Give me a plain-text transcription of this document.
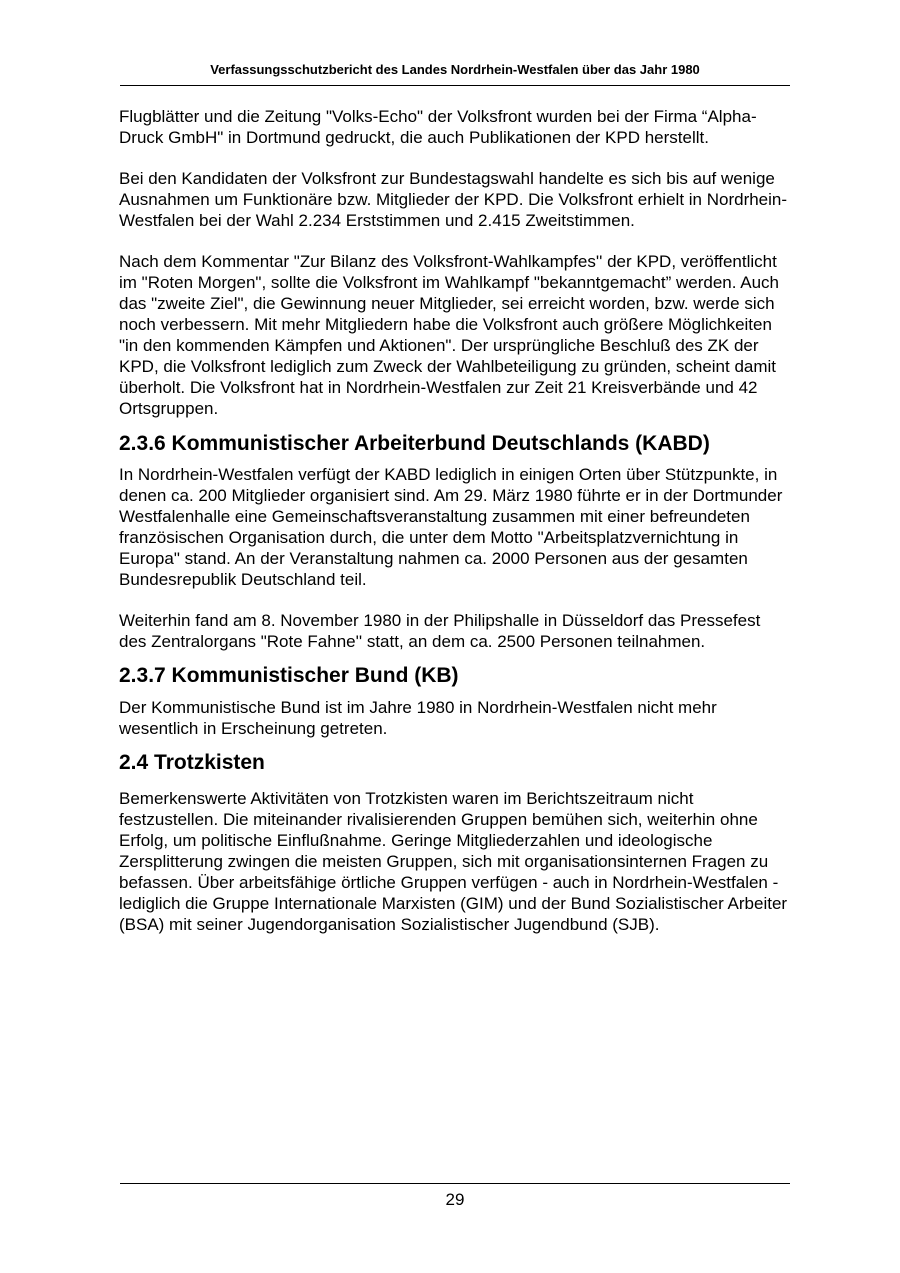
Verfassungsschutzbericht des Landes Nordrhein-Westfalen über das Jahr 1980

Flugblätter und die Zeitung "Volks-Echo" der Volksfront wurden bei der Firma “Alpha-Druck GmbH" in Dortmund gedruckt, die auch Publikationen der KPD herstellt.

Bei den Kandidaten der Volksfront zur Bundestagswahl handelte es sich bis auf wenige Ausnahmen um Funktionäre bzw. Mitglieder der KPD. Die Volksfront erhielt in Nordrhein-Westfalen bei der Wahl 2.234 Erststimmen und 2.415 Zweitstimmen.

Nach dem Kommentar "Zur Bilanz des Volksfront-Wahlkampfes'' der KPD, veröffentlicht im "Roten Morgen", sollte die Volksfront im Wahlkampf "bekanntgemacht” werden. Auch das "zweite Ziel", die Gewinnung neuer Mitglieder, sei erreicht worden, bzw. werde sich noch verbessern. Mit mehr Mitgliedern habe die Volksfront auch größere Möglichkeiten "in den kommenden Kämpfen und Aktionen". Der ursprüngliche Beschluß des ZK der KPD, die Volksfront lediglich zum Zweck der Wahlbeteiligung zu gründen, scheint damit überholt. Die Volksfront hat in Nordrhein-Westfalen zur Zeit 21 Kreisverbände und 42 Ortsgruppen.

2.3.6 Kommunistischer Arbeiterbund Deutschlands (KABD)

In Nordrhein-Westfalen verfügt der KABD lediglich in einigen Orten über Stützpunkte, in denen ca. 200 Mitglieder organisiert sind. Am 29. März 1980 führte er in der Dortmunder Westfalenhalle eine Gemeinschaftsveranstaltung zusammen mit einer befreundeten französischen Organisation durch, die unter dem Motto "Arbeitsplatzvernichtung in Europa" stand. An der Veranstaltung nahmen ca. 2000 Personen aus der gesamten Bundesrepublik Deutschland teil.

Weiterhin fand am 8. November 1980 in der Philipshalle in Düsseldorf das Pressefest des Zentralorgans "Rote Fahne'' statt, an dem ca. 2500 Personen teilnahmen.

2.3.7 Kommunistischer Bund (KB)

Der Kommunistische Bund ist im Jahre 1980 in Nordrhein-Westfalen nicht mehr wesentlich in Erscheinung getreten.

2.4 Trotzkisten

Bemerkenswerte Aktivitäten von Trotzkisten waren im Berichtszeitraum nicht festzustellen. Die miteinander rivalisierenden Gruppen bemühen sich, weiterhin ohne Erfolg, um politische Einflußnahme. Geringe Mitgliederzahlen und ideologische Zersplitterung zwingen die meisten Gruppen, sich mit organisationsinternen Fragen zu befassen. Über arbeitsfähige örtliche Gruppen verfügen - auch in Nordrhein-Westfalen - lediglich die Gruppe Internationale Marxisten (GIM) und der Bund Sozialistischer Arbeiter (BSA) mit seiner Jugendorganisation Sozialistischer Jugendbund (SJB).

29
